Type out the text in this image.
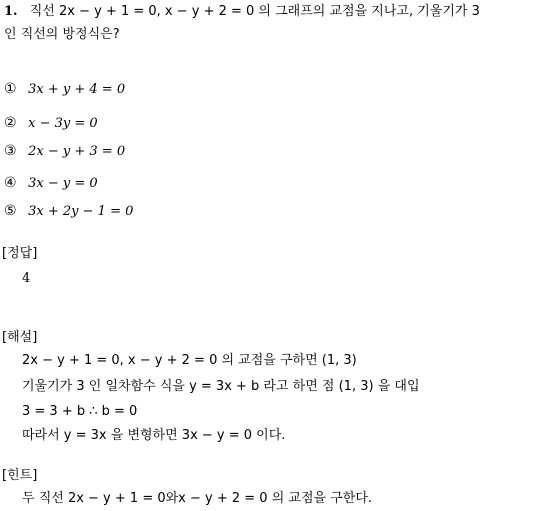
1. 직선 2x − y + 1 = 0, x − y + 2 = 0 의 그래프의 교점을 지나고, 기울기가 3
인 직선의 방정식은?
① 3x + y + 4 = 0
② x − 3y = 0
③ 2x − y + 3 = 0
④ 3x − y = 0
⑤ 3x + 2y − 1 = 0
[정답]
4
[해설]
2x − y + 1 = 0, x − y + 2 = 0 의 교점을 구하면 (1, 3)
기울기가 3 인 일차함수 식을 y = 3x + b 라고 하면 점 (1, 3) 을 대입
3 = 3 + b ∴ b = 0
따라서 y = 3x 을 변형하면 3x − y = 0 이다.
[힌트]
두 직선 2x − y + 1 = 0와x − y + 2 = 0 의 교점을 구한다.
